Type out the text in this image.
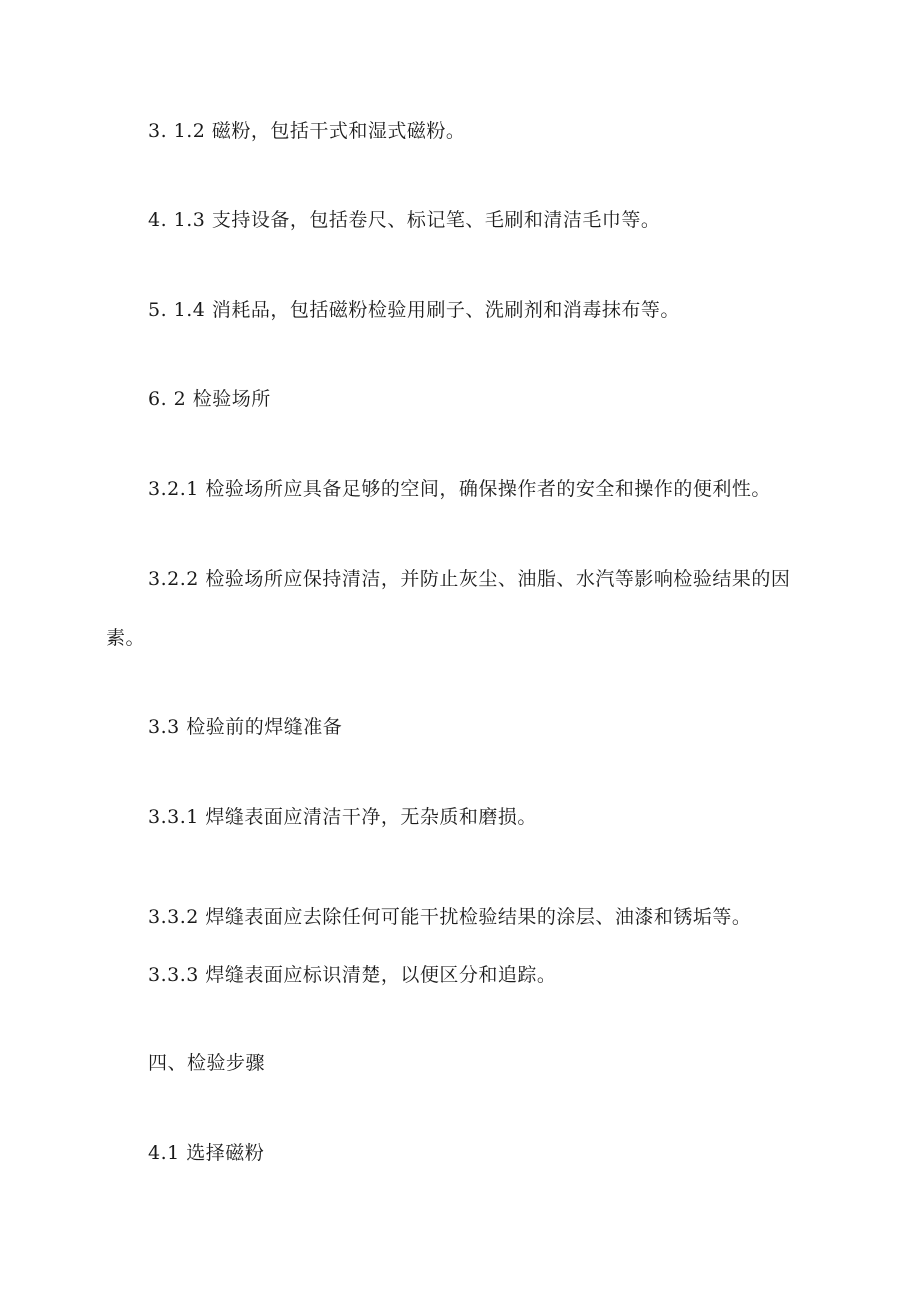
3. 1.2 磁粉，包括干式和湿式磁粉。
4. 1.3 支持设备，包括卷尺、标记笔、毛刷和清洁毛巾等。
5. 1.4 消耗品，包括磁粉检验用刷子、洗刷剂和消毒抹布等。
6. 2 检验场所
3.2.1 检验场所应具备足够的空间，确保操作者的安全和操作的便利性。
3.2.2 检验场所应保持清洁，并防止灰尘、油脂、水汽等影响检验结果的因
素。
3.3 检验前的焊缝准备
3.3.1 焊缝表面应清洁干净，无杂质和磨损。
3.3.2 焊缝表面应去除任何可能干扰检验结果的涂层、油漆和锈垢等。
3.3.3 焊缝表面应标识清楚，以便区分和追踪。
四、检验步骤
4.1 选择磁粉
